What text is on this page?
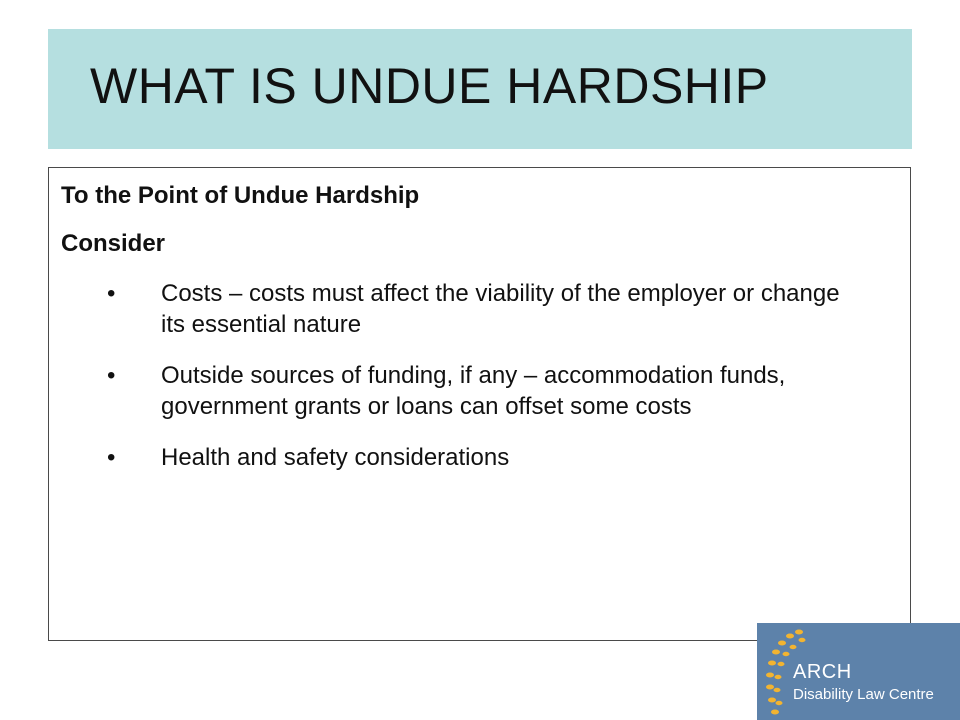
WHAT IS UNDUE HARDSHIP
To the Point of Undue Hardship
Consider
• Costs – costs must affect the viability of the employer or change its essential nature
• Outside sources of funding, if any – accommodation funds, government grants or loans can offset some costs
• Health and safety considerations
ARCH
Disability Law Centre
